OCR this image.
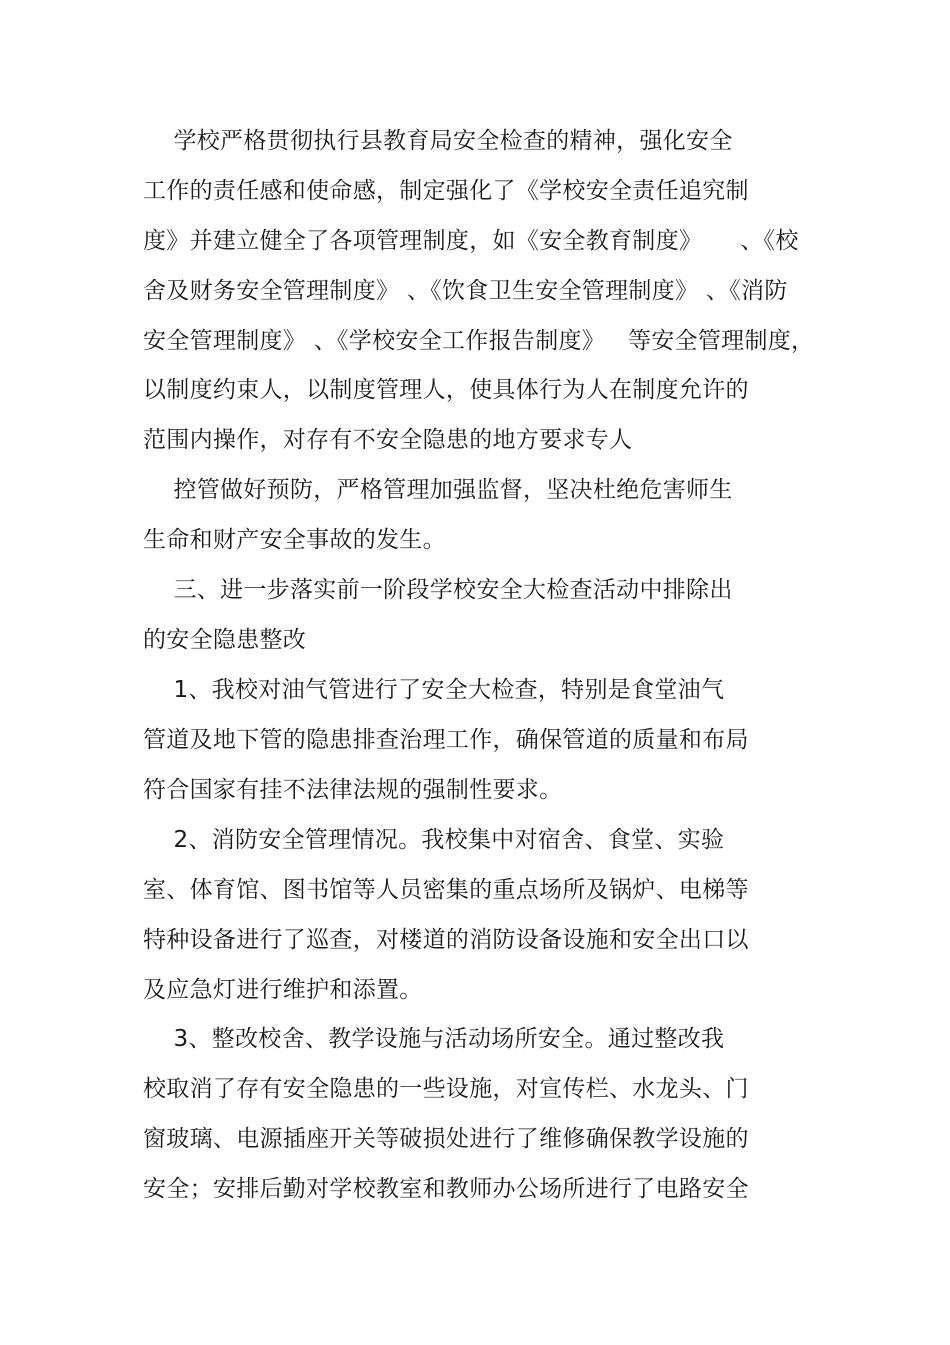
学校严格贯彻执行县教育局安全检查的精神，强化安全
工作的责任感和使命感，制定强化了《学校安全责任追究制
度》并建立健全了各项管理制度，如《安全教育制度》     、《校
舍及财务安全管理制度》 、《饮食卫生安全管理制度》 、《消防
安全管理制度》 、《学校安全工作报告制度》   等安全管理制度，
以制度约束人，以制度管理人，使具体行为人在制度允许的
范围内操作，对存有不安全隐患的地方要求专人
控管做好预防，严格管理加强监督，坚决杜绝危害师生
生命和财产安全事故的发生。
三、进一步落实前一阶段学校安全大检查活动中排除出
的安全隐患整改
1、我校对油气管进行了安全大检查，特别是食堂油气
管道及地下管的隐患排查治理工作，确保管道的质量和布局
符合国家有挂不法律法规的强制性要求。
2、消防安全管理情况。我校集中对宿舍、食堂、实验
室、体育馆、图书馆等人员密集的重点场所及锅炉、电梯等
特种设备进行了巡查，对楼道的消防设备设施和安全出口以
及应急灯进行维护和添置。
3、整改校舍、教学设施与活动场所安全。通过整改我
校取消了存有安全隐患的一些设施，对宣传栏、水龙头、门
窗玻璃、电源插座开关等破损处进行了维修确保教学设施的
安全；安排后勤对学校教室和教师办公场所进行了电路安全
